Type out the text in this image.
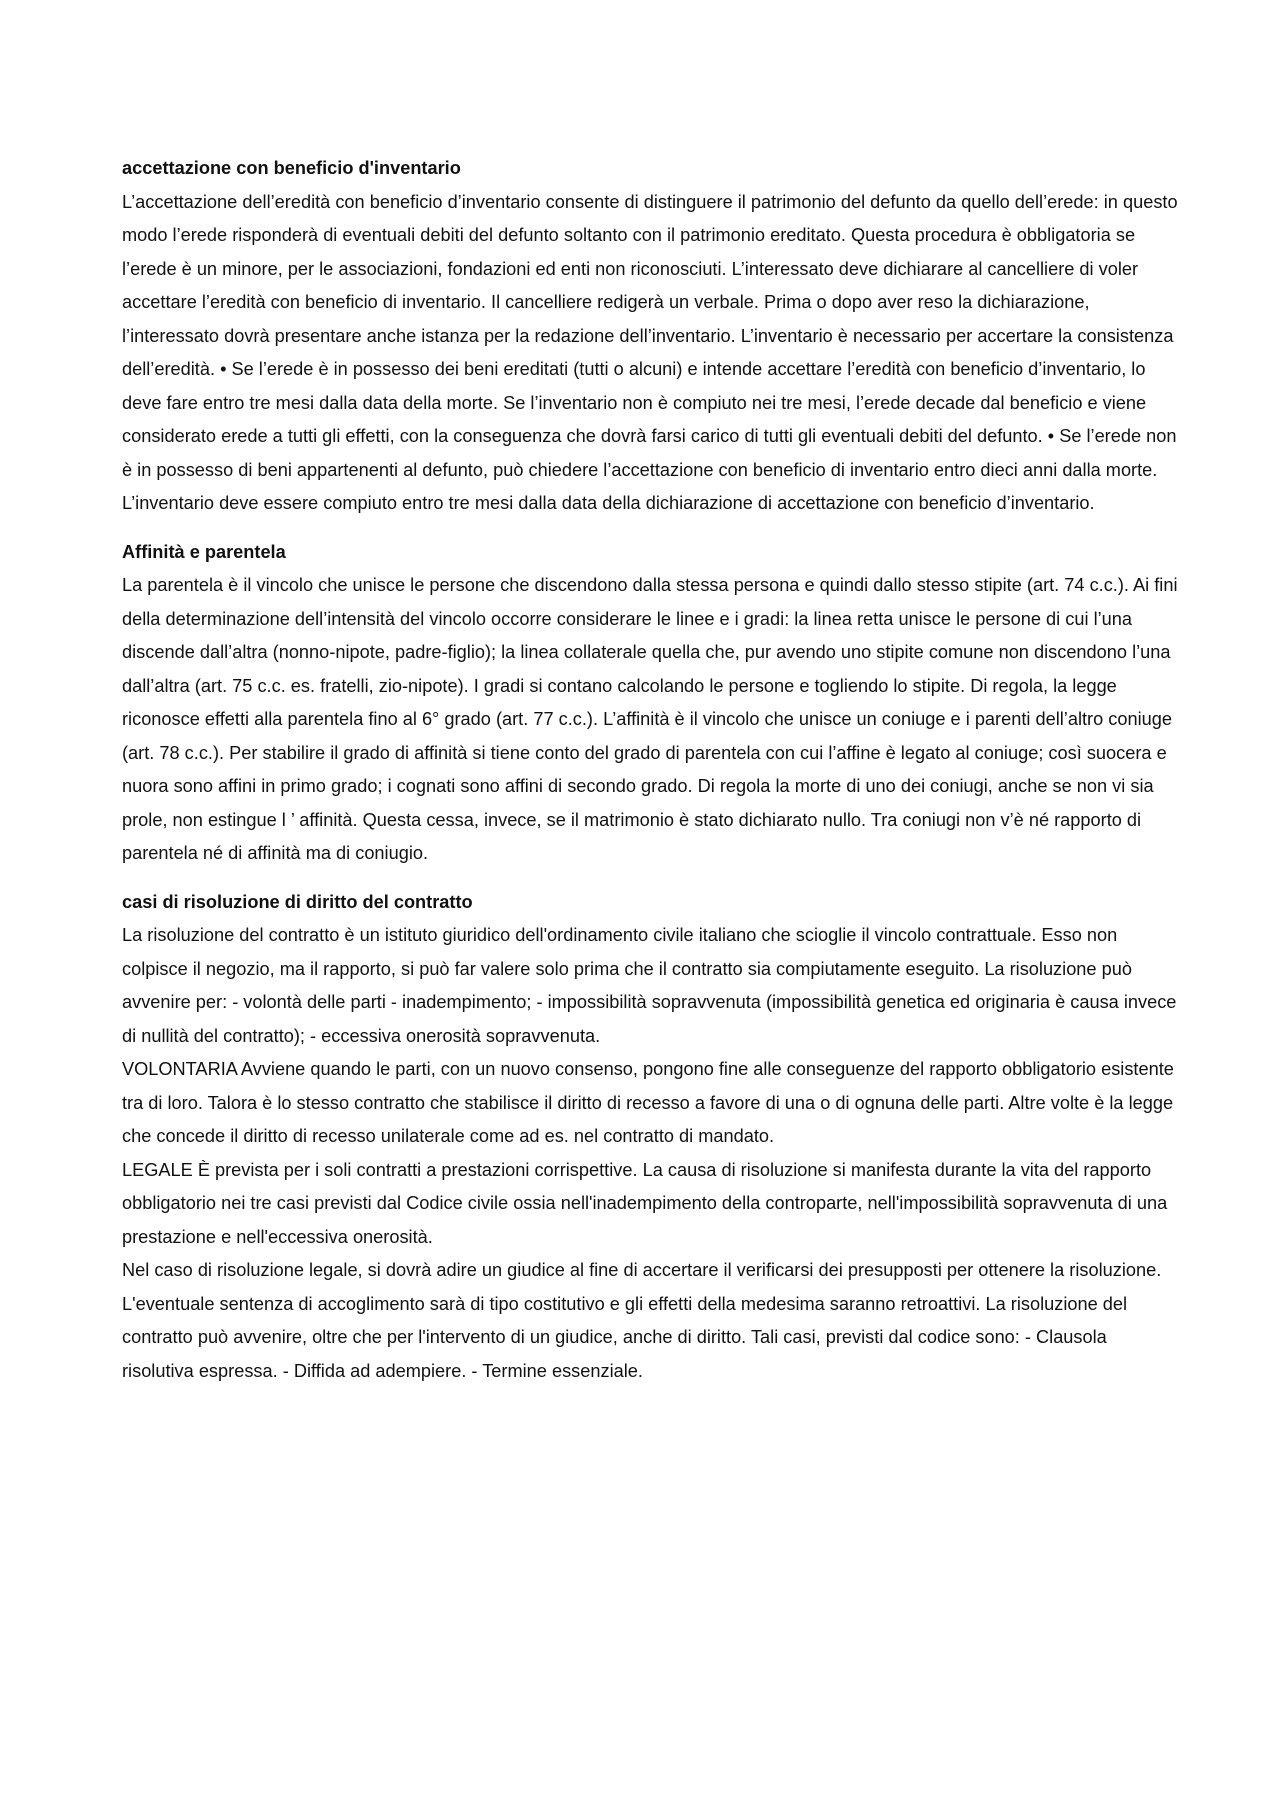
accettazione con beneficio d'inventario

L’accettazione dell’eredità con beneficio d’inventario consente di distinguere il patrimonio del defunto da quello dell’erede: in questo modo l’erede risponderà di eventuali debiti del defunto soltanto con il patrimonio ereditato. Questa procedura è obbligatoria se l’erede è un minore, per le associazioni, fondazioni ed enti non riconosciuti. L’interessato deve dichiarare al cancelliere di voler accettare l’eredità con beneficio di inventario. Il cancelliere redigerà un verbale. Prima o dopo aver reso la dichiarazione, l’interessato dovrà presentare anche istanza per la redazione dell’inventario. L’inventario è necessario per accertare la consistenza dell’eredità. • Se l’erede è in possesso dei beni ereditati (tutti o alcuni) e intende accettare l’eredità con beneficio d’inventario, lo deve fare entro tre mesi dalla data della morte. Se l’inventario non è compiuto nei tre mesi, l’erede decade dal beneficio e viene considerato erede a tutti gli effetti, con la conseguenza che dovrà farsi carico di tutti gli eventuali debiti del defunto. • Se l’erede non è in possesso di beni appartenenti al defunto, può chiedere l’accettazione con beneficio di inventario entro dieci anni dalla morte. L’inventario deve essere compiuto entro tre mesi dalla data della dichiarazione di accettazione con beneficio d’inventario.

Affinità e parentela

La parentela è il vincolo che unisce le persone che discendono dalla stessa persona e quindi dallo stesso stipite (art. 74 c.c.). Ai fini della determinazione dell’intensità del vincolo occorre considerare le linee e i gradi: la linea retta unisce le persone di cui l’una discende dall’altra (nonno-nipote, padre-figlio); la linea collaterale quella che, pur avendo uno stipite comune non discendono l’una dall’altra (art. 75 c.c. es. fratelli, zio-nipote). I gradi si contano calcolando le persone e togliendo lo stipite. Di regola, la legge riconosce effetti alla parentela fino al 6° grado (art. 77 c.c.). L’affinità è il vincolo che unisce un coniuge e i parenti dell’altro coniuge (art. 78 c.c.). Per stabilire il grado di affinità si tiene conto del grado di parentela con cui l’affine è legato al coniuge; così suocera e nuora sono affini in primo grado; i cognati sono affini di secondo grado. Di regola la morte di uno dei coniugi, anche se non vi sia prole, non estingue l ’ affinità. Questa cessa, invece, se il matrimonio è stato dichiarato nullo. Tra coniugi non v’è né rapporto di parentela né di affinità ma di coniugio.

casi di risoluzione di diritto del contratto

La risoluzione del contratto è un istituto giuridico dell'ordinamento civile italiano che scioglie il vincolo contrattuale. Esso non colpisce il negozio, ma il rapporto, si può far valere solo prima che il contratto sia compiutamente eseguito. La risoluzione può avvenire per: - volontà delle parti - inadempimento; - impossibilità sopravvenuta (impossibilità genetica ed originaria è causa invece di nullità del contratto); - eccessiva onerosità sopravvenuta.

VOLONTARIA Avviene quando le parti, con un nuovo consenso, pongono fine alle conseguenze del rapporto obbligatorio esistente tra di loro. Talora è lo stesso contratto che stabilisce il diritto di recesso a favore di una o di ognuna delle parti. Altre volte è la legge che concede il diritto di recesso unilaterale come ad es. nel contratto di mandato.

LEGALE È prevista per i soli contratti a prestazioni corrispettive. La causa di risoluzione si manifesta durante la vita del rapporto obbligatorio nei tre casi previsti dal Codice civile ossia nell'inadempimento della controparte, nell'impossibilità sopravvenuta di una prestazione e nell'eccessiva onerosità.

Nel caso di risoluzione legale, si dovrà adire un giudice al fine di accertare il verificarsi dei presupposti per ottenere la risoluzione. L'eventuale sentenza di accoglimento sarà di tipo costitutivo e gli effetti della medesima saranno retroattivi. La risoluzione del contratto può avvenire, oltre che per l'intervento di un giudice, anche di diritto. Tali casi, previsti dal codice sono: - Clausola risolutiva espressa. - Diffida ad adempiere. - Termine essenziale.
